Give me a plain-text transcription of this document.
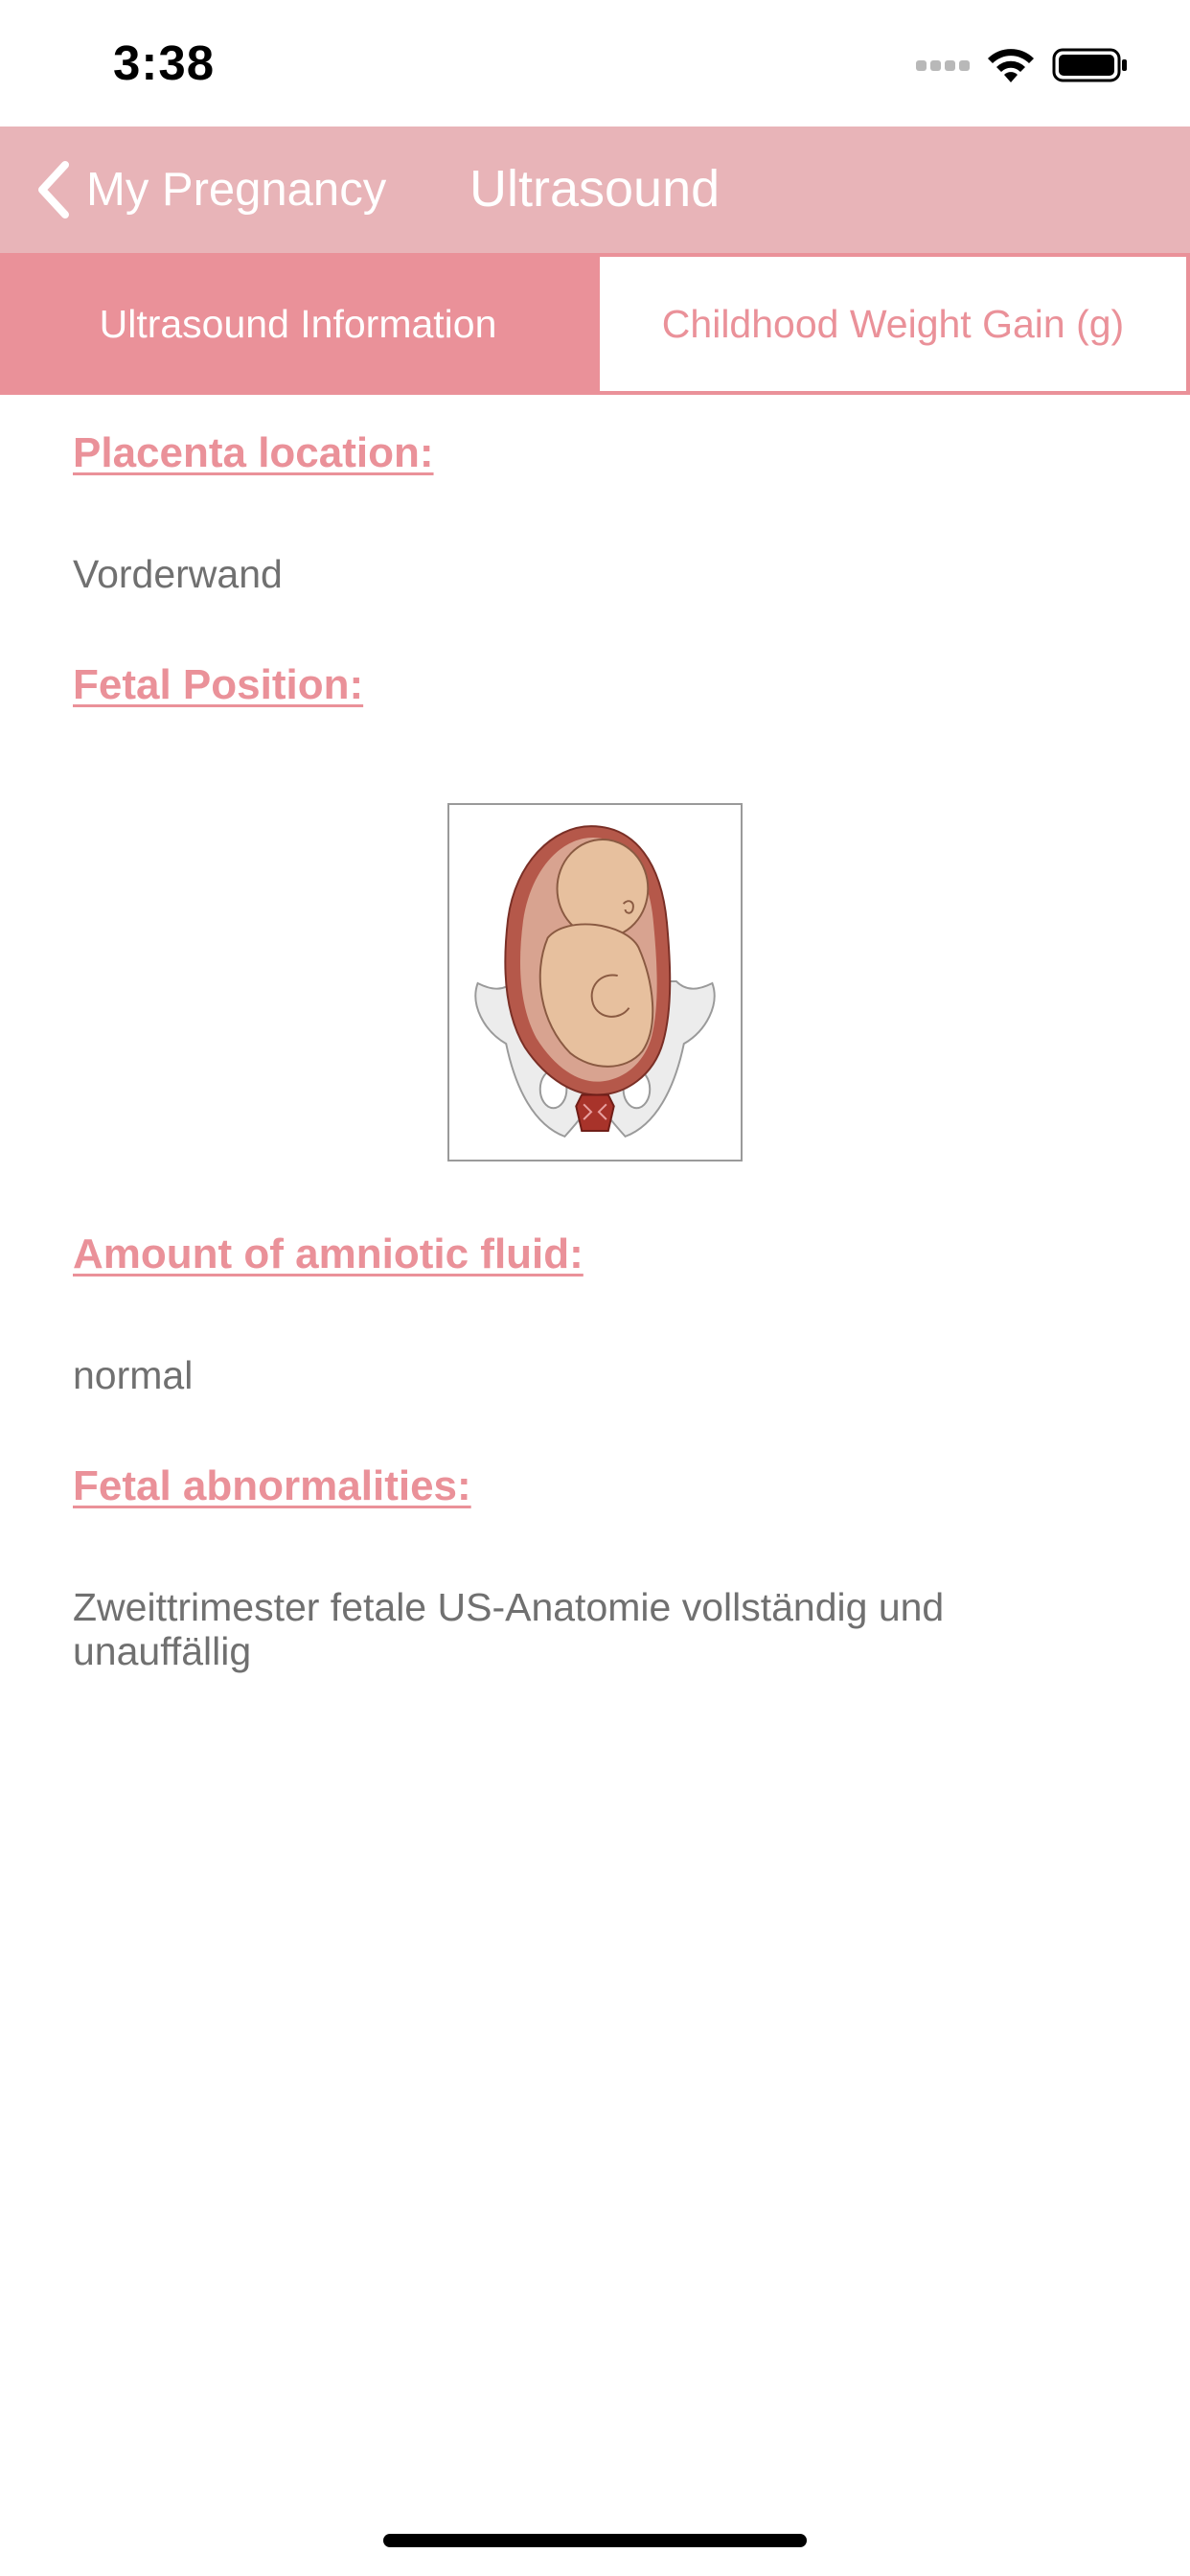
3:38
My Pregnancy Ultrasound
Ultrasound Information	Childhood Weight Gain (g)

Placenta location:

Vorderwand

Fetal Position:

Amount of amniotic fluid:

normal

Fetal abnormalities:

Zweittrimester fetale US-Anatomie vollständig und unauffällig
